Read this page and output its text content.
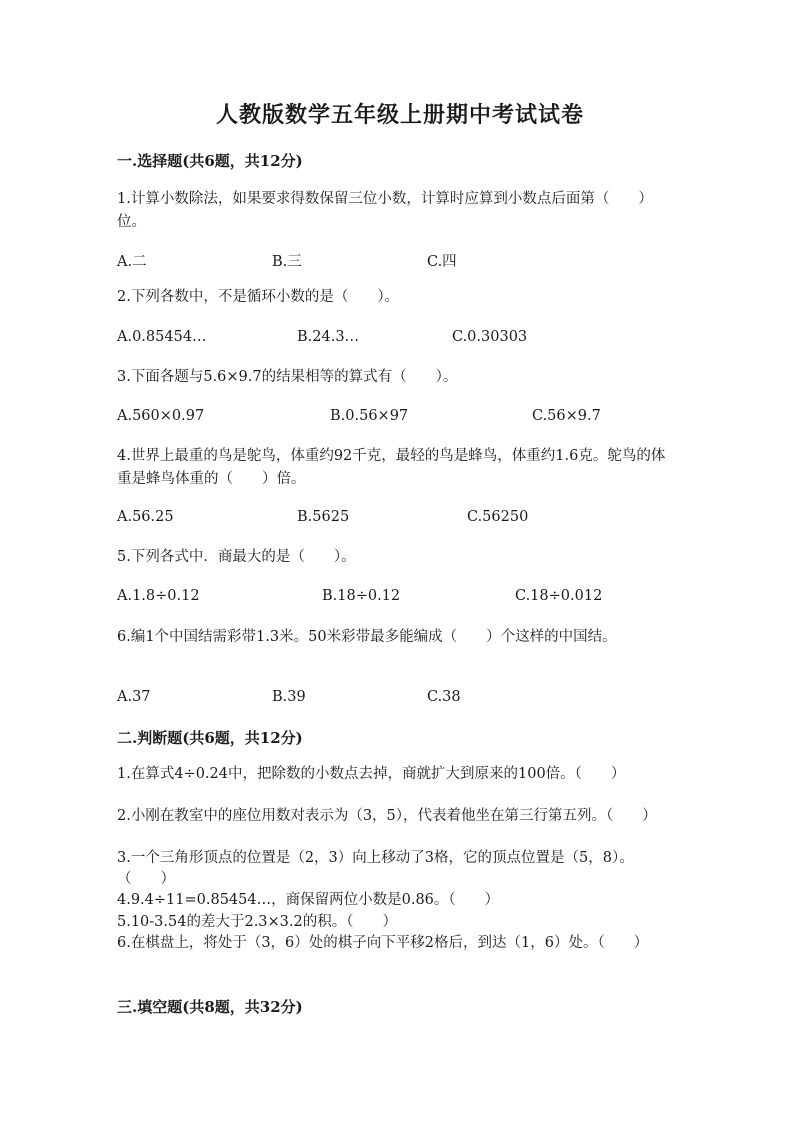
人教版数学五年级上册期中考试试卷
一.选择题(共6题，共12分)
1.计算小数除法，如果要求得数保留三位小数，计算时应算到小数点后面第（　　）位。
A.二	B.三	C.四
2.下列各数中，不是循环小数的是（　　）。
A.0.85454…	B.24.3…	C.0.30303
3.下面各题与5.6×9.7的结果相等的算式有（　　）。
A.560×0.97	B.0.56×97	C.56×9.7
4.世界上最重的鸟是鸵鸟，体重约92千克，最轻的鸟是蜂鸟，体重约1.6克。鸵鸟的体重是蜂鸟体重的（　　）倍。
A.56.25	B.5625	C.56250
5.下列各式中．商最大的是（　　）。
A.1.8÷0.12	B.18÷0.12	C.18÷0.012
6.编1个中国结需彩带1.3米。50米彩带最多能编成（　　）个这样的中国结。
A.37	B.39	C.38
二.判断题(共6题，共12分)
1.在算式4÷0.24中，把除数的小数点去掉，商就扩大到原来的100倍。（　　）
2.小刚在教室中的座位用数对表示为（3，5），代表着他坐在第三行第五列。（　　）
3.一个三角形顶点的位置是（2，3）向上移动了3格，它的顶点位置是（5，8）。（　　）
4.9.4÷11=0.85454…，商保留两位小数是0.86。（　　）
5.10-3.54的差大于2.3×3.2的积。（　　）
6.在棋盘上，将处于（3，6）处的棋子向下平移2格后，到达（1，6）处。（　　）
三.填空题(共8题，共32分)
